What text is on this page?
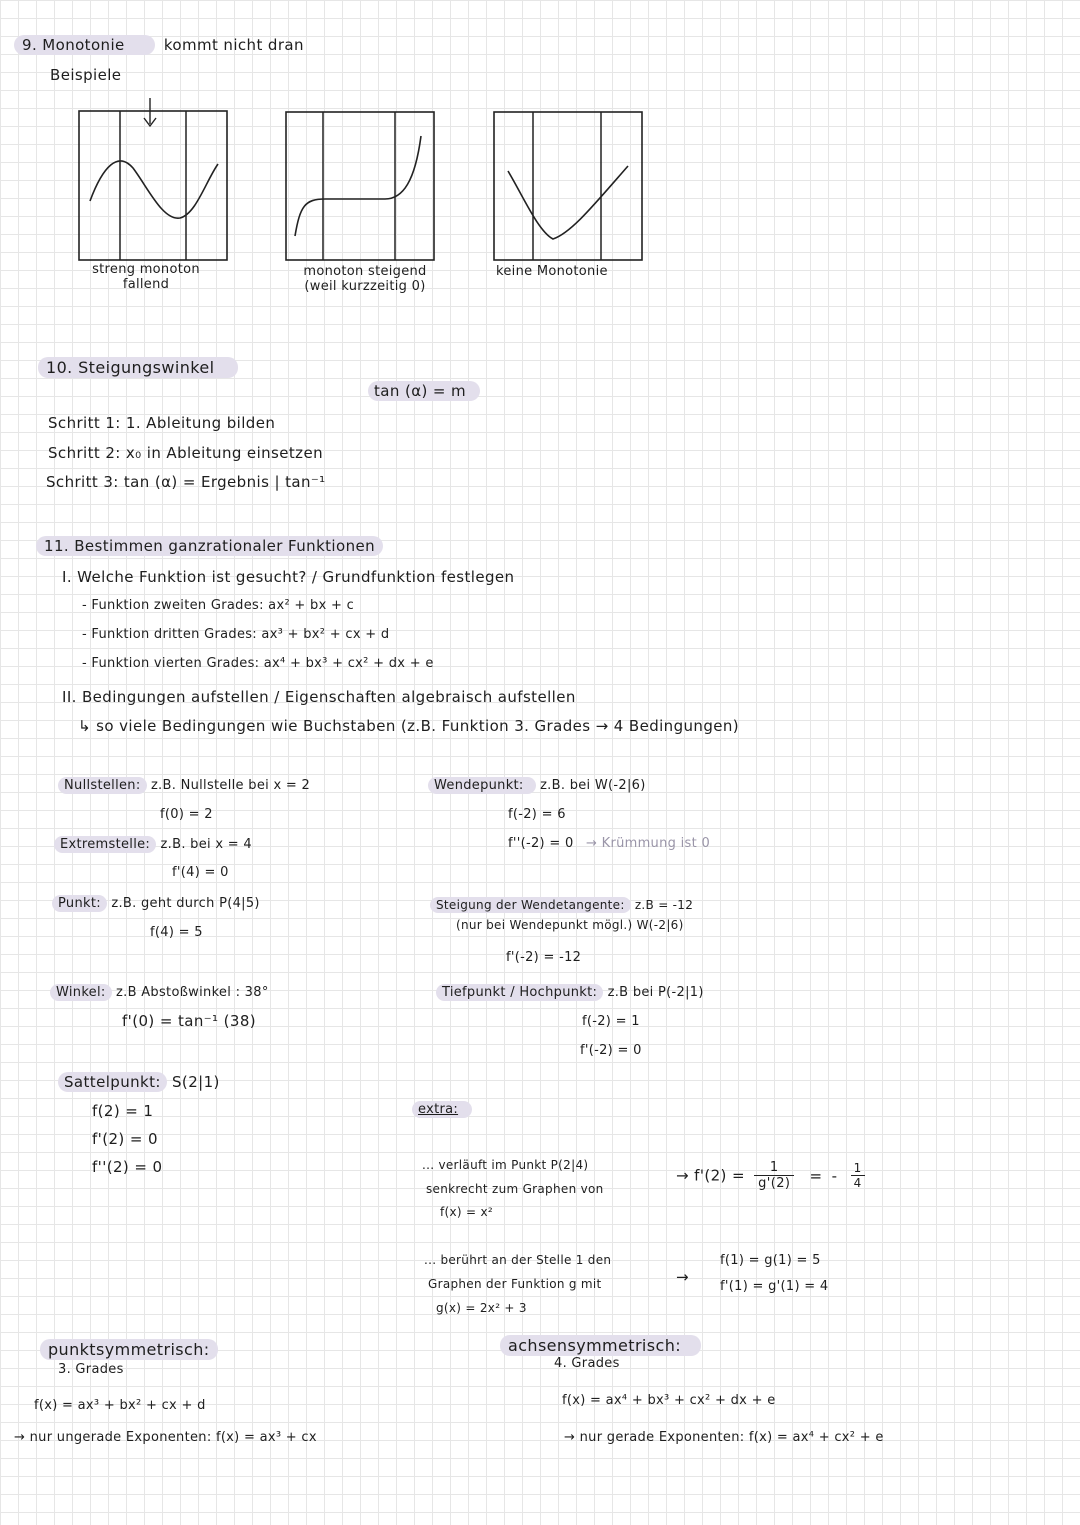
9. Monotonie	kommt nicht dran
Beispiele
streng monoton
fallend
monoton steigend
(weil kurzzeitig 0)
keine Monotonie
10. Steigungswinkel
tan (α) = m
Schritt 1: 1. Ableitung bilden
Schritt 2: x₀ in Ableitung einsetzen
Schritt 3: tan (α) = Ergebnis | tan⁻¹
11. Bestimmen ganzrationaler Funktionen
I. Welche Funktion ist gesucht? / Grundfunktion festlegen
- Funktion zweiten Grades: ax² + bx + c
- Funktion dritten Grades: ax³ + bx² + cx + d
- Funktion vierten Grades: ax⁴ + bx³ + cx² + dx + e
II. Bedingungen aufstellen / Eigenschaften algebraisch aufstellen
↳ so viele Bedingungen wie Buchstaben (z.B. Funktion 3. Grades → 4 Bedingungen)
Nullstellen: z.B. Nullstelle bei x = 2
f(0) = 2
Extremstelle: z.B. bei x = 4
f'(4) = 0
Punkt: z.B. geht durch P(4|5)
f(4) = 5
Winkel: z.B Abstoßwinkel : 38°
f'(0) = tan⁻¹ (38)
Sattelpunkt: S(2|1)
f(2) = 1
f'(2) = 0
f''(2) = 0
Wendepunkt: z.B. bei W(-2|6)
f(-2) = 6
f''(-2) = 0 → Krümmung ist 0
Steigung der Wendetangente: z.B = -12
(nur bei Wendepunkt mögl.) W(-2|6)
f'(-2) = -12
Tiefpunkt / Hochpunkt: z.B bei P(-2|1)
f(-2) = 1
f'(-2) = 0
extra:
... verläuft im Punkt P(2|4)
senkrecht zum Graphen von
f(x) = x²
→ $f'(2) = \frac{1}{g'(2)}$ = - $\frac{1}{4}$
... berührt an der Stelle 1 den
Graphen der Funktion g mit
g(x) = 2x² + 3
→
f(1) = g(1) = 5
f'(1) = g'(1) = 4
punktsymmetrisch:
3. Grades
f(x) = ax³ + bx² + cx + d
→ nur ungerade Exponenten: f(x) = ax³ + cx
achsensymmetrisch:
4. Grades
f(x) = ax⁴ + bx³ + cx² + dx + e
→ nur gerade Exponenten: f(x) = ax⁴ + cx² + e
